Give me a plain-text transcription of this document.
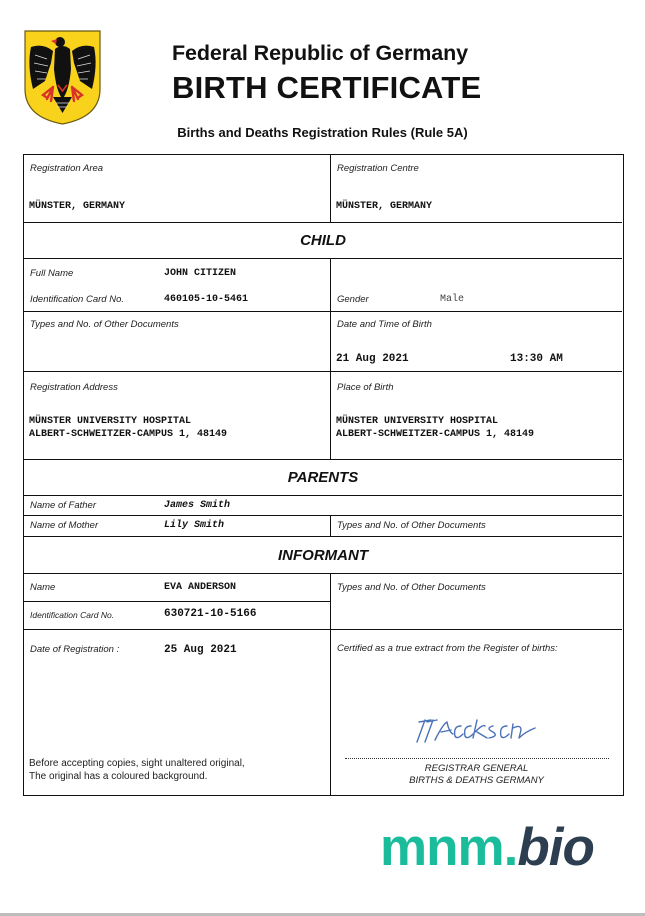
Federal Republic of Germany
BIRTH CERTIFICATE
Births and Deaths Registration Rules (Rule 5A)
Registration Area
MÜNSTER, GERMANY
Registration Centre
MÜNSTER, GERMANY
CHILD
Full Name	JOHN CITIZEN
Identification Card No.	460105-10-5461	Gender	Male
Types and No. of Other Documents	Date and Time of Birth
21 Aug 2021	13:30 AM
Registration Address
MÜNSTER UNIVERSITY HOSPITAL
ALBERT-SCHWEITZER-CAMPUS 1, 48149
Place of Birth
MÜNSTER UNIVERSITY HOSPITAL
ALBERT-SCHWEITZER-CAMPUS 1, 48149
PARENTS
Name of Father	James Smith
Name of Mother	Lily Smith	Types and No. of Other Documents
INFORMANT
Name	EVA ANDERSON
Identification Card No.	630721-10-5166
Types and No. of Other Documents
Date of Registration :	25 Aug 2021
Before accepting copies, sight unaltered original,
The original has a coloured background.
Certified as a true extract from the Register of births:
REGISTRAR GENERAL
BIRTHS & DEATHS GERMANY
mnm.bio
